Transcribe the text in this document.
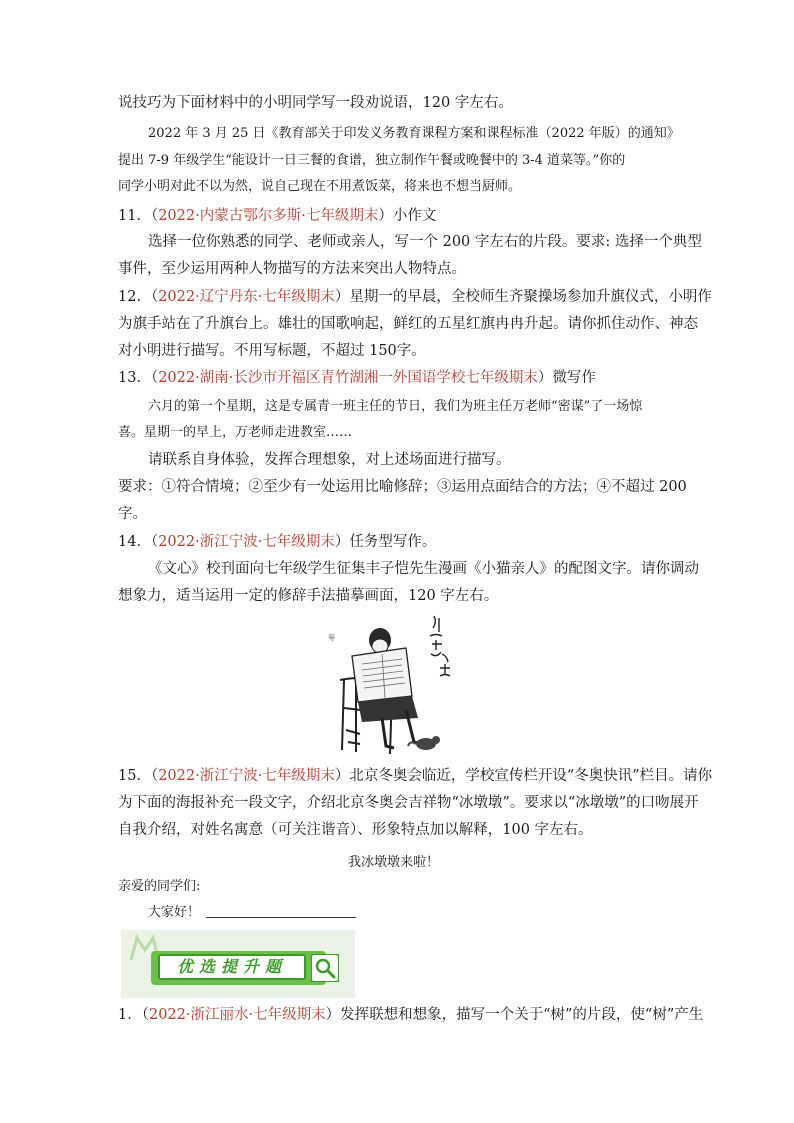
说技巧为下面材料中的小明同学写一段劝说语，120 字左右。
2022 年 3 月 25 日《教育部关于印发义务教育课程方案和课程标准（2022 年版）的通知》
提出 7-9 年级学生“能设计一日三餐的食谱，独立制作午餐或晚餐中的 3-4 道菜等。”你的
同学小明对此不以为然，说自己现在不用煮饭菜，将来也不想当厨师。
11．（2022·内蒙古鄂尔多斯·七年级期末）小作文
选择一位你熟悉的同学、老师或亲人，写一个 200 字左右的片段。要求: 选择一个典型
事件，至少运用两种人物描写的方法来突出人物特点。
12．（2022·辽宁丹东·七年级期末）星期一的早晨，全校师生齐聚操场参加升旗仪式，小明作
为旗手站在了升旗台上。雄壮的国歌响起，鲜红的五星红旗冉冉升起。请你抓住动作、神态
对小明进行描写。不用写标题，不超过 150字。
13．（2022·湖南·长沙市开福区青竹湖湘一外国语学校七年级期末）微写作
六月的第一个星期，这是专属青一班主任的节日，我们为班主任万老师“密谋”了一场惊
喜。星期一的早上，万老师走进教室……
请联系自身体验，发挥合理想象，对上述场面进行描写。
要求：①符合情境；②至少有一处运用比喻修辞；③运用点面结合的方法；④不超过 200
字。
14．（2022·浙江宁波·七年级期末）任务型写作。
《文心》校刊面向七年级学生征集丰子恺先生漫画《小猫亲人》的配图文字。请你调动
想象力，适当运用一定的修辞手法描摹画面，120 字左右。
筹
15．（2022·浙江宁波·七年级期末）北京冬奥会临近，学校宣传栏开设“冬奥快讯”栏目。请你
为下面的海报补充一段文字，介绍北京冬奥会吉祥物“冰墩墩”。要求以“冰墩墩”的口吻展开
自我介绍，对姓名寓意（可关注谐音）、形象特点加以解释，100 字左右。
我冰墩墩来啦！
亲爱的同学们:
大家好！
优选提升题
1．（2022·浙江丽水·七年级期末）发挥联想和想象，描写一个关于“树”的片段，使“树”产生
